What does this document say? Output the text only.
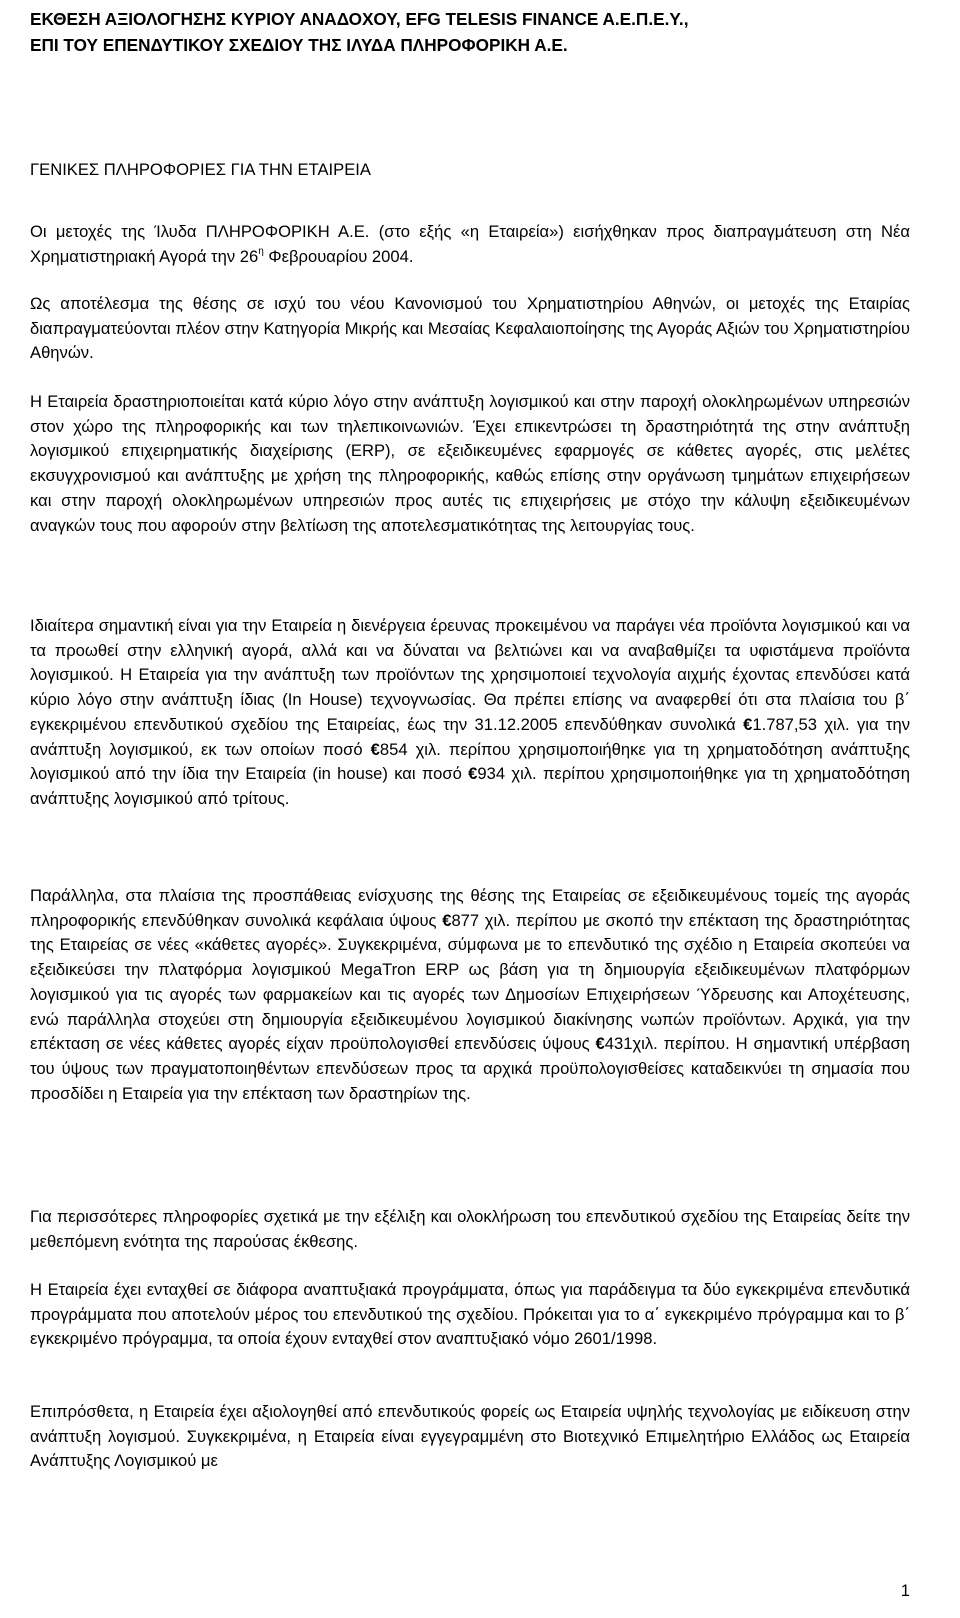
ΕΚΘΕΣΗ ΑΞΙΟΛΟΓΗΣΗΣ ΚΥΡΙΟΥ ΑΝΑΔΟΧΟΥ, EFG TELESIS FINANCE A.E.Π.Ε.Υ.,
ΕΠΙ ΤΟΥ ΕΠΕΝΔΥΤΙΚΟΥ ΣΧΕΔΙΟΥ ΤΗΣ ΙΛΥΔΑ ΠΛΗΡΟΦΟΡΙΚΗ Α.Ε.
ΓΕΝΙΚΕΣ ΠΛΗΡΟΦΟΡΙΕΣ ΓΙΑ ΤΗΝ ΕΤΑΙΡΕΙΑ

Οι μετοχές της Ίλυδα ΠΛΗΡΟΦΟΡΙΚΗ Α.Ε. (στο εξής «η Εταιρεία») εισήχθηκαν προς διαπραγμάτευση στη Νέα Χρηματιστηριακή Αγορά την $26^\eta$ Φεβρουαρίου 2004.

Ως αποτέλεσμα της θέσης σε ισχύ του νέου Κανονισμού του Χρηματιστηρίου Αθηνών, οι μετοχές της Εταιρίας διαπραγματεύονται πλέον στην Κατηγορία Μικρής και Μεσαίας Κεφαλαιοποίησης της Αγοράς Αξιών του Χρηματιστηρίου Αθηνών.

Η Εταιρεία δραστηριοποιείται κατά κύριο λόγο στην ανάπτυξη λογισμικού και στην παροχή ολοκληρωμένων υπηρεσιών στον χώρο της πληροφορικής και των τηλεπικοινωνιών. Έχει επικεντρώσει τη δραστηριότητά της στην ανάπτυξη λογισμικού επιχειρηματικής διαχείρισης (ERP), σε εξειδικευμένες εφαρμογές σε κάθετες αγορές, στις μελέτες εκσυγχρονισμού και ανάπτυξης με χρήση της πληροφορικής, καθώς επίσης στην οργάνωση τμημάτων επιχειρήσεων και στην παροχή ολοκληρωμένων υπηρεσιών προς αυτές τις επιχειρήσεις με στόχο την κάλυψη εξειδικευμένων αναγκών τους που αφορούν στην βελτίωση της αποτελεσματικότητας της λειτουργίας τους.

Ιδιαίτερα σημαντική είναι για την Εταιρεία η διενέργεια έρευνας προκειμένου να παράγει νέα προϊόντα λογισμικού και να τα προωθεί στην ελληνική αγορά, αλλά και να δύναται να βελτιώνει και να αναβαθμίζει τα υφιστάμενα προϊόντα λογισμικού. Η Εταιρεία για την ανάπτυξη των προϊόντων της χρησιμοποιεί τεχνολογία αιχμής έχοντας επενδύσει κατά κύριο λόγο στην ανάπτυξη ίδιας (In House) τεχνογνωσίας. Θα πρέπει επίσης να αναφερθεί ότι στα πλαίσια του β΄ εγκεκριμένου επενδυτικού σχεδίου της Εταιρείας, έως την 31.12.2005 επενδύθηκαν συνολικά €1.787,53 χιλ. για την ανάπτυξη λογισμικού, εκ των οποίων ποσό €854 χιλ. περίπου χρησιμοποιήθηκε για τη χρηματοδότηση ανάπτυξης λογισμικού από την ίδια την Εταιρεία (in house) και ποσό €934 χιλ. περίπου χρησιμοποιήθηκε για τη χρηματοδότηση ανάπτυξης λογισμικού από τρίτους.

Παράλληλα, στα πλαίσια της προσπάθειας ενίσχυσης της θέσης της Εταιρείας σε εξειδικευμένους τομείς της αγοράς πληροφορικής επενδύθηκαν συνολικά κεφάλαια ύψους €877 χιλ. περίπου με σκοπό την επέκταση της δραστηριότητας της Εταιρείας σε νέες «κάθετες αγορές». Συγκεκριμένα, σύμφωνα με το επενδυτικό της σχέδιο η Εταιρεία σκοπεύει να εξειδικεύσει την πλατφόρμα λογισμικού MegaTron ERP ως βάση για τη δημιουργία εξειδικευμένων πλατφόρμων λογισμικού για τις αγορές των φαρμακείων και τις αγορές των Δημοσίων Επιχειρήσεων Ύδρευσης και Αποχέτευσης, ενώ παράλληλα στοχεύει στη δημιουργία εξειδικευμένου λογισμικού διακίνησης νωπών προϊόντων. Αρχικά, για την επέκταση σε νέες κάθετες αγορές είχαν προϋπολογισθεί επενδύσεις ύψους €431χιλ. περίπου. Η σημαντική υπέρβαση του ύψους των πραγματοποιηθέντων επενδύσεων προς τα αρχικά προϋπολογισθείσες καταδεικνύει τη σημασία που προσδίδει η Εταιρεία για την επέκταση των δραστηρίων της.

Για περισσότερες πληροφορίες σχετικά με την εξέλιξη και ολοκλήρωση του επενδυτικού σχεδίου της Εταιρείας δείτε την μεθεπόμενη ενότητα της παρούσας έκθεσης.

Η Εταιρεία έχει ενταχθεί σε διάφορα αναπτυξιακά προγράμματα, όπως για παράδειγμα τα δύο εγκεκριμένα επενδυτικά προγράμματα που αποτελούν μέρος του επενδυτικού της σχεδίου. Πρόκειται για το α΄ εγκεκριμένο πρόγραμμα και το β΄ εγκεκριμένο πρόγραμμα, τα οποία έχουν ενταχθεί στον αναπτυξιακό νόμο 2601/1998.

Επιπρόσθετα, η Εταιρεία έχει αξιολογηθεί από επενδυτικούς φορείς ως Εταιρεία υψηλής τεχνολογίας με ειδίκευση στην ανάπτυξη λογισμού. Συγκεκριμένα, η Εταιρεία είναι εγγεγραμμένη στο Βιοτεχνικό Επιμελητήριο Ελλάδος ως Εταιρεία Ανάπτυξης Λογισμικού με

1
